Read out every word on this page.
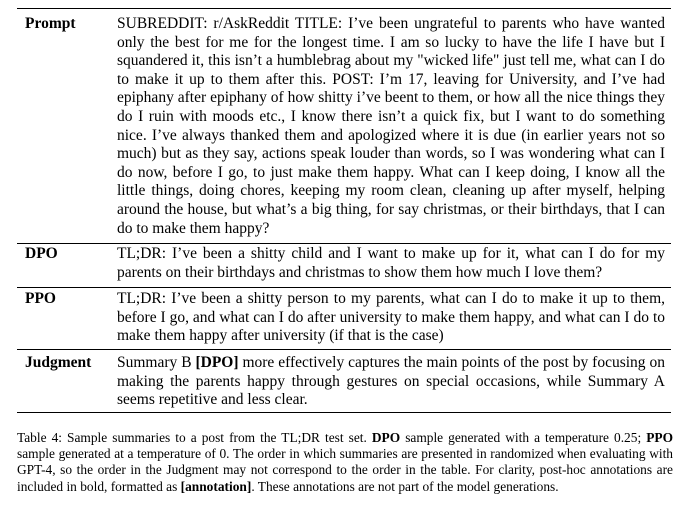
Prompt	SUBREDDIT: r/AskReddit TITLE: I’ve been ungrateful to parents who have wanted only the best for me for the longest time. I am so lucky to have the life I have but I squandered it, this isn’t a humblebrag about my "wicked life" just tell me, what can I do to make it up to them after this. POST: I’m 17, leaving for University, and I’ve had epiphany after epiphany of how shitty i’ve beent to them, or how all the nice things they do I ruin with moods etc., I know there isn’t a quick fix, but I want to do something nice. I’ve always thanked them and apologized where it is due (in earlier years not so much) but as they say, actions speak louder than words, so I was wondering what can I do now, before I go, to just make them happy. What can I keep doing, I know all the little things, doing chores, keeping my room clean, cleaning up after myself, helping around the house, but what’s a big thing, for say christmas, or their birthdays, that I can do to make them happy?
DPO	TL;DR: I’ve been a shitty child and I want to make up for it, what can I do for my parents on their birthdays and christmas to show them how much I love them?
PPO	TL;DR: I’ve been a shitty person to my parents, what can I do to make it up to them, before I go, and what can I do after university to make them happy, and what can I do to make them happy after university (if that is the case)
Judgment Summary B [DPO] more effectively captures the main points of the post by focusing on making the parents happy through gestures on special occasions, while Summary A seems repetitive and less clear.
Table 4: Sample summaries to a post from the TL;DR test set. DPO sample generated with a temperature 0.25; PPO sample generated at a temperature of 0. The order in which summaries are presented in randomized when evaluating with GPT-4, so the order in the Judgment may not correspond to the order in the table. For clarity, post-hoc annotations are included in bold, formatted as [annotation]. These annotations are not part of the model generations.
